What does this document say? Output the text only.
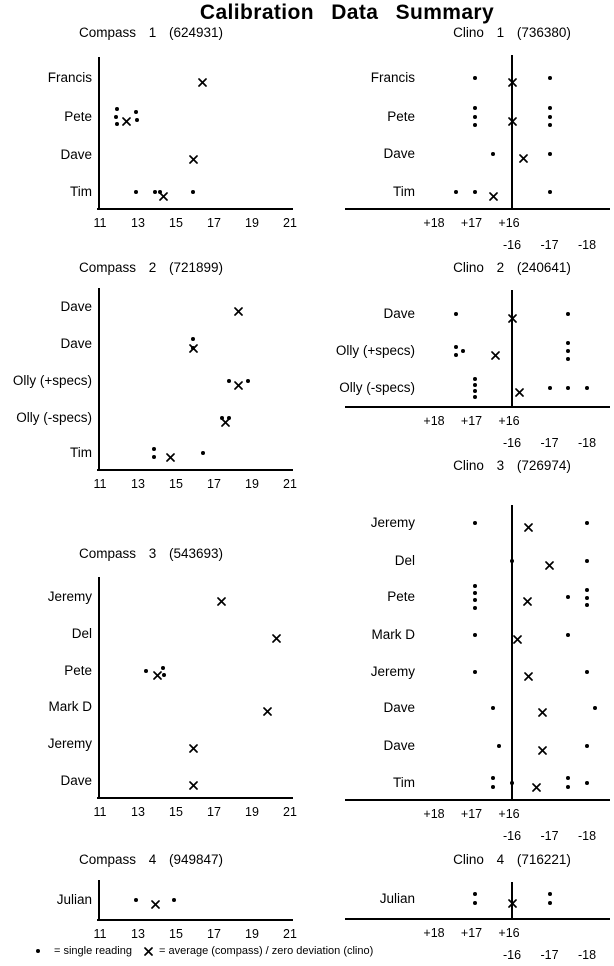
Calibration Data Summary
Compass 1 (624931)
11	13	15	17	19	21
Francis
Pete
Dave
Tim
Compass 2 (721899)
11	13	15	17	19	21
Dave
Dave
Olly (+specs)
Olly (-specs)
Tim
Compass 3 (543693)
11	13	15	17	19	21
Jeremy
Del
Pete
Mark D
Jeremy
Dave
Compass 4 (949847)
11	13	15	17	19	21
Julian
Clino 1 (736380)
+18	+17	+16
-16	-17	-18
Francis
Pete
Dave
Tim
Clino 2 (240641)
+18	+17	+16
-16	-17	-18
Dave
Olly (+specs)
Olly (-specs)
Clino 3 (726974)
+18	+17	+16
-16	-17	-18
Jeremy
Del
Pete
Mark D
Jeremy
Dave
Dave
Tim
Clino 4 (716221)
+18	+17	+16
-16	-17	-18
Julian
= single reading = average (compass) / zero deviation (clino)
